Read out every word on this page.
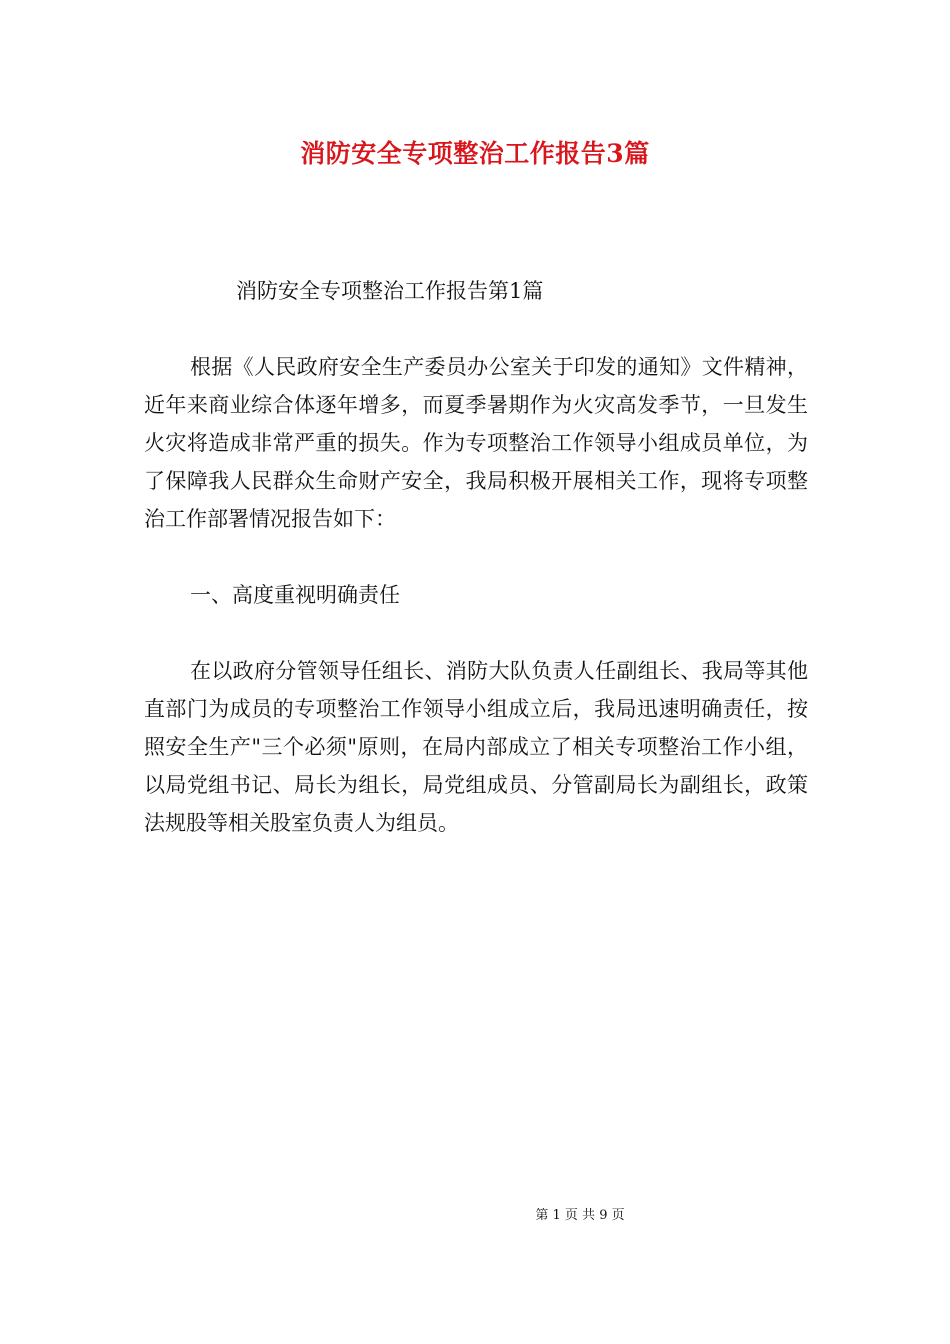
消防安全专项整治工作报告3篇

消防安全专项整治工作报告第1篇

根据《人民政府安全生产委员办公室关于印发的通知》文件精神，近年来商业综合体逐年增多，而夏季暑期作为火灾高发季节，一旦发生火灾将造成非常严重的损失。作为专项整治工作领导小组成员单位，为了保障我人民群众生命财产安全，我局积极开展相关工作，现将专项整治工作部署情况报告如下：

一、高度重视明确责任

在以政府分管领导任组长、消防大队负责人任副组长、我局等其他直部门为成员的专项整治工作领导小组成立后，我局迅速明确责任，按照安全生产"三个必须"原则，在局内部成立了相关专项整治工作小组，以局党组书记、局长为组长，局党组成员、分管副局长为副组长，政策法规股等相关股室负责人为组员。

第 1 页 共 9 页
